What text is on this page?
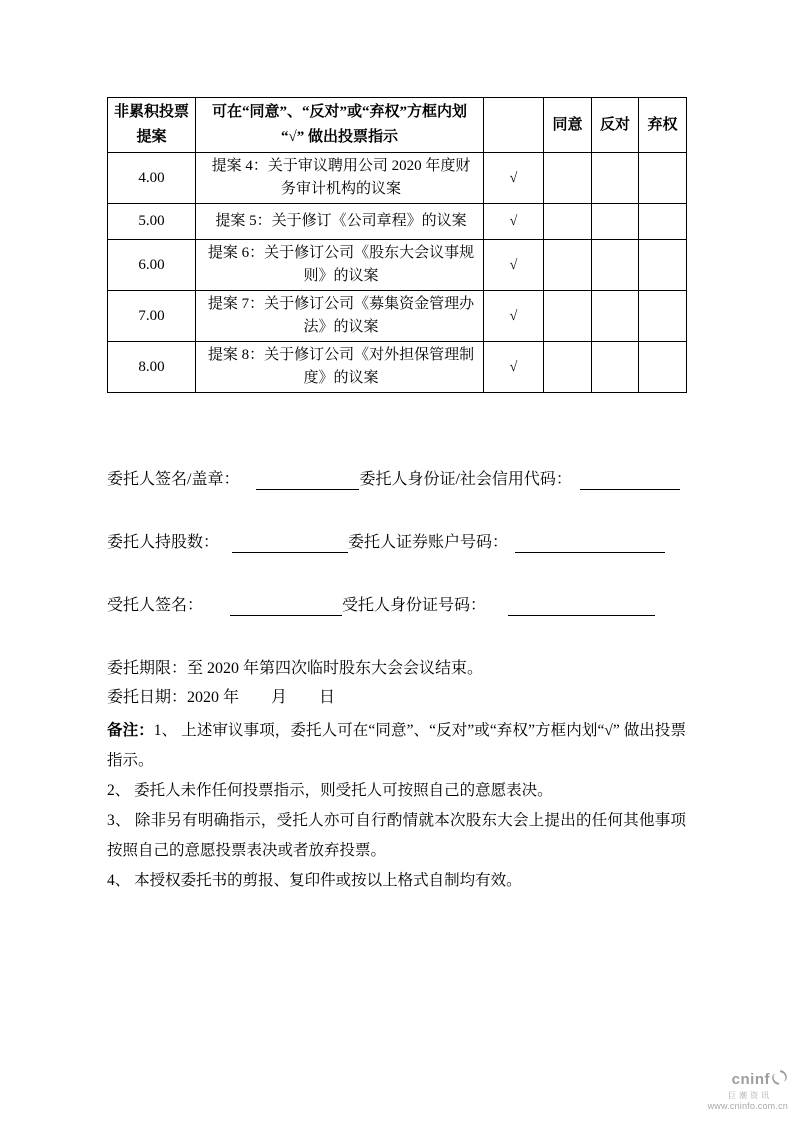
非累积投票提案	可在“同意”、“反对”或“弃权”方框内划 “√” 做出投票指示		同意	反对	弃权
4.00	提案 4：关于审议聘用公司 2020 年度财务审计机构的议案	√			
5.00	提案 5：关于修订《公司章程》的议案	√			
6.00	提案 6：关于修订公司《股东大会议事规则》的议案	√			
7.00	提案 7：关于修订公司《募集资金管理办法》的议案	√			
8.00	提案 8：关于修订公司《对外担保管理制度》的议案	√			
委托人签名/盖章：	委托人身份证/社会信用代码：
委托人持股数：	委托人证券账户号码：
受托人签名：	受托人身份证号码：
委托期限：至 2020 年第四次临时股东大会会议结束。
委托日期：2020 年　　月　　日

备注：1、 上述审议事项，委托人可在“同意”、“反对”或“弃权”方框内划“√” 做出投票指示。

2、 委托人未作任何投票指示，则受托人可按照自己的意愿表决。

3、 除非另有明确指示，受托人亦可自行酌情就本次股东大会上提出的任何其他事项按照自己的意愿投票表决或者放弃投票。

4、 本授权委托书的剪报、复印件或按以上格式自制均有效。

cninf
巨潮资讯
www.cninfo.com.cn
